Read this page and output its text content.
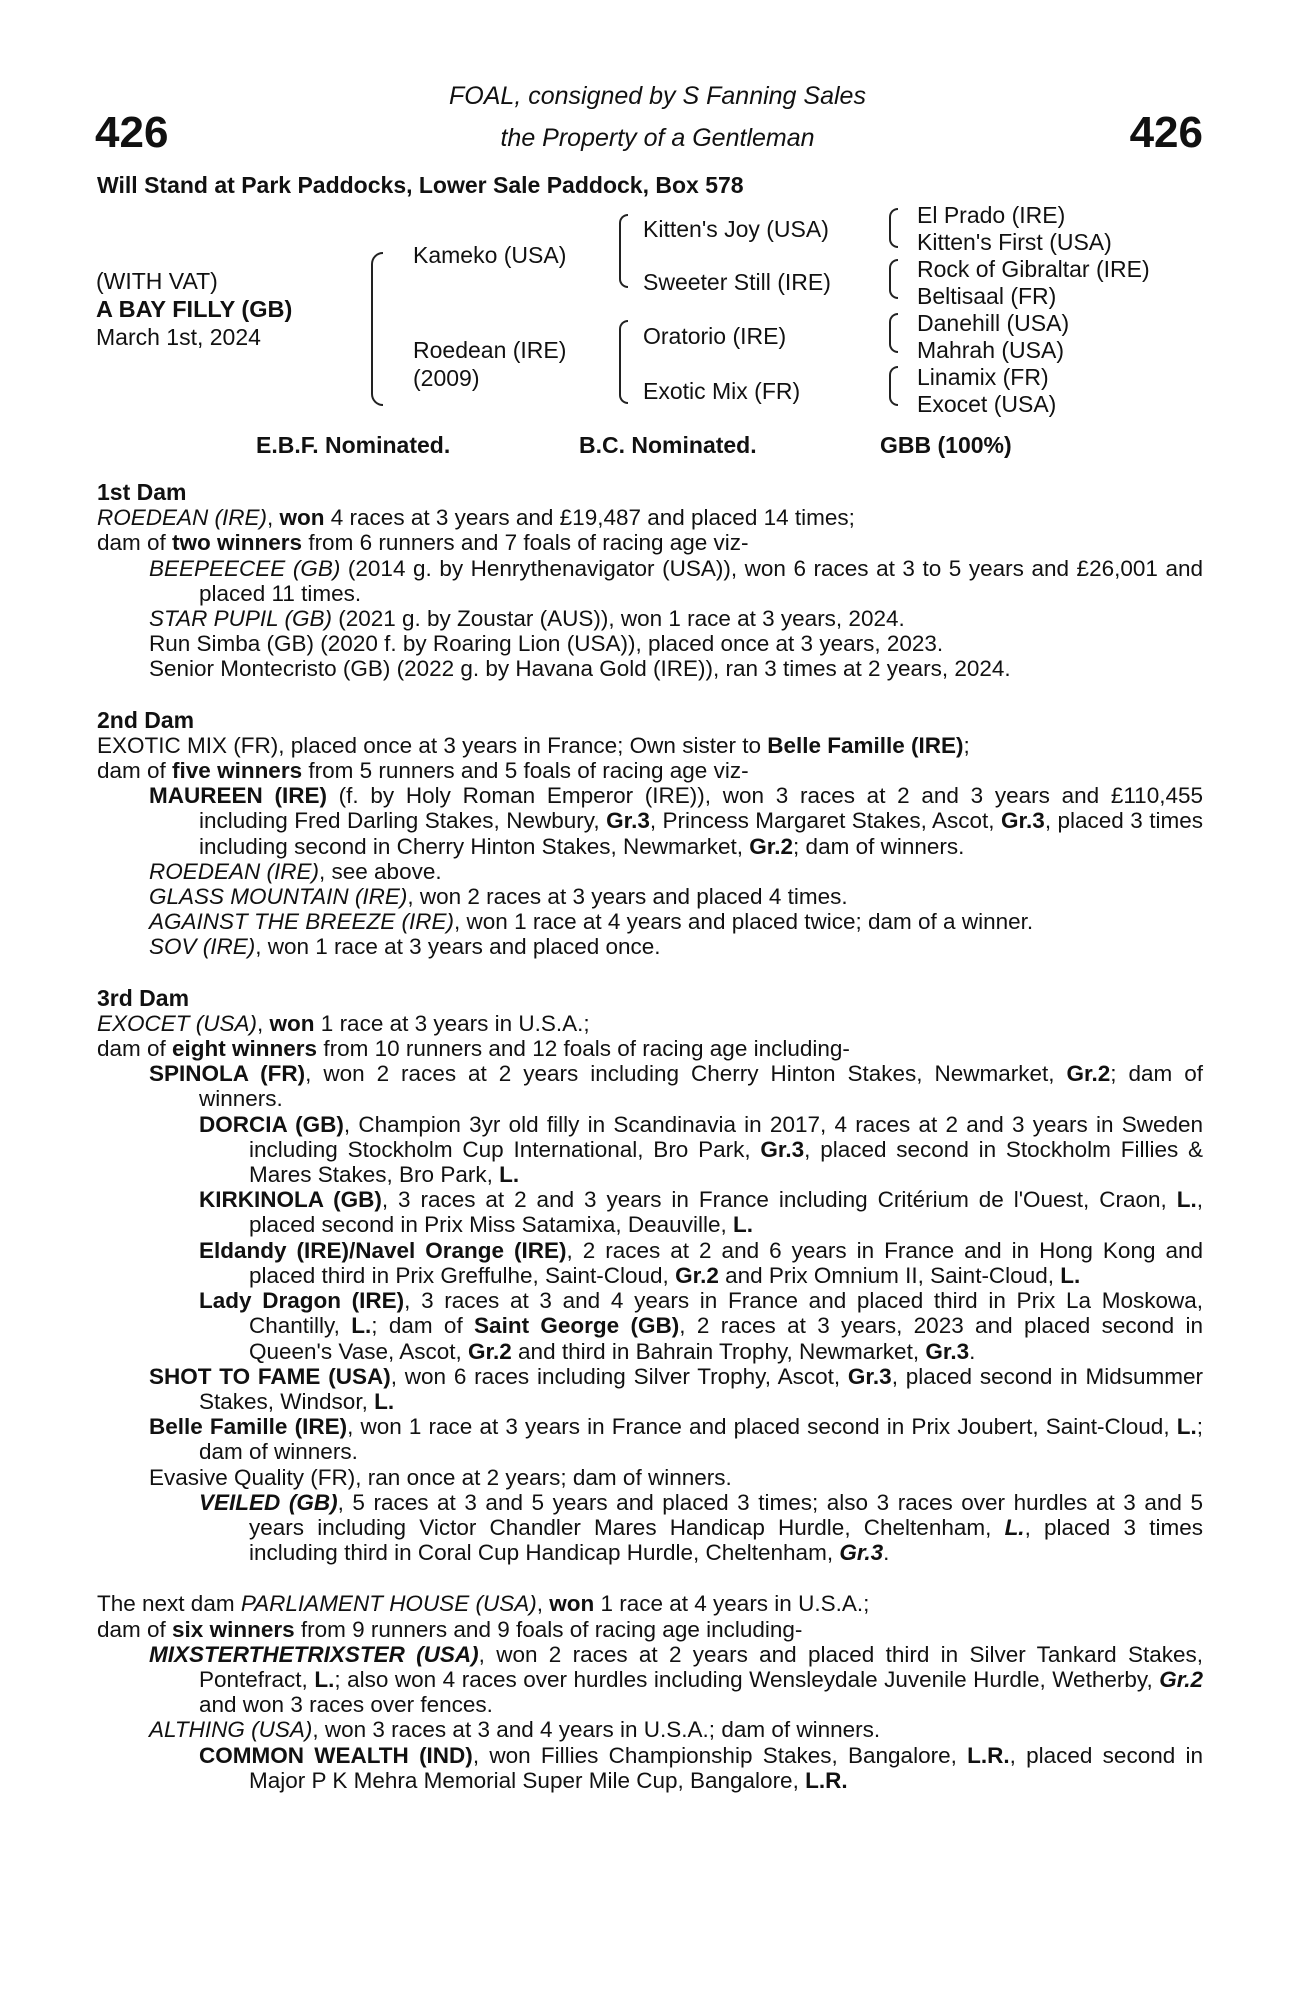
426	426
FOAL, consigned by S Fanning Sales
the Property of a Gentleman
Will Stand at Park Paddocks, Lower Sale Paddock, Box 578
(WITH VAT)
A BAY FILLY (GB)
March 1st, 2024
Kameko (USA)
Roedean (IRE)
(2009)
Kitten's Joy (USA)
Sweeter Still (IRE)
Oratorio (IRE)
Exotic Mix (FR)
El Prado (IRE)
Kitten's First (USA)
Rock of Gibraltar (IRE)
Beltisaal (FR)
Danehill (USA)
Mahrah (USA)
Linamix (FR)
Exocet (USA)
E.B.F. Nominated.	B.C. Nominated.	GBB (100%)

1st Dam

ROEDEAN (IRE), won 4 races at 3 years and £19,487 and placed 14 times;

dam of two winners from 6 runners and 7 foals of racing age viz-

BEEPEECEE (GB) (2014 g. by Henrythenavigator (USA)), won 6 races at 3 to 5 years and £26,001 and placed 11 times.

STAR PUPIL (GB) (2021 g. by Zoustar (AUS)), won 1 race at 3 years, 2024.

Run Simba (GB) (2020 f. by Roaring Lion (USA)), placed once at 3 years, 2023.

Senior Montecristo (GB) (2022 g. by Havana Gold (IRE)), ran 3 times at 2 years, 2024.

2nd Dam

EXOTIC MIX (FR), placed once at 3 years in France; Own sister to Belle Famille (IRE);

dam of five winners from 5 runners and 5 foals of racing age viz-

MAUREEN (IRE) (f. by Holy Roman Emperor (IRE)), won 3 races at 2 and 3 years and £110,455 including Fred Darling Stakes, Newbury, Gr.3, Princess Margaret Stakes, Ascot, Gr.3, placed 3 times including second in Cherry Hinton Stakes, Newmarket, Gr.2; dam of winners.

ROEDEAN (IRE), see above.

GLASS MOUNTAIN (IRE), won 2 races at 3 years and placed 4 times.

AGAINST THE BREEZE (IRE), won 1 race at 4 years and placed twice; dam of a winner.

SOV (IRE), won 1 race at 3 years and placed once.

3rd Dam

EXOCET (USA), won 1 race at 3 years in U.S.A.;

dam of eight winners from 10 runners and 12 foals of racing age including-

SPINOLA (FR), won 2 races at 2 years including Cherry Hinton Stakes, Newmarket, Gr.2; dam of winners.

DORCIA (GB), Champion 3yr old filly in Scandinavia in 2017, 4 races at 2 and 3 years in Sweden including Stockholm Cup International, Bro Park, Gr.3, placed second in Stockholm Fillies & Mares Stakes, Bro Park, L.

KIRKINOLA (GB), 3 races at 2 and 3 years in France including Critérium de l'Ouest, Craon, L., placed second in Prix Miss Satamixa, Deauville, L.

Eldandy (IRE)/Navel Orange (IRE), 2 races at 2 and 6 years in France and in Hong Kong and placed third in Prix Greffulhe, Saint-Cloud, Gr.2 and Prix Omnium II, Saint-Cloud, L.

Lady Dragon (IRE), 3 races at 3 and 4 years in France and placed third in Prix La Moskowa, Chantilly, L.; dam of Saint George (GB), 2 races at 3 years, 2023 and placed second in Queen's Vase, Ascot, Gr.2 and third in Bahrain Trophy, Newmarket, Gr.3.

SHOT TO FAME (USA), won 6 races including Silver Trophy, Ascot, Gr.3, placed second in Midsummer Stakes, Windsor, L.

Belle Famille (IRE), won 1 race at 3 years in France and placed second in Prix Joubert, Saint-Cloud, L.; dam of winners.

Evasive Quality (FR), ran once at 2 years; dam of winners.

VEILED (GB), 5 races at 3 and 5 years and placed 3 times; also 3 races over hurdles at 3 and 5 years including Victor Chandler Mares Handicap Hurdle, Cheltenham, L., placed 3 times including third in Coral Cup Handicap Hurdle, Cheltenham, Gr.3.

The next dam PARLIAMENT HOUSE (USA), won 1 race at 4 years in U.S.A.;

dam of six winners from 9 runners and 9 foals of racing age including-

MIXSTERTHETRIXSTER (USA), won 2 races at 2 years and placed third in Silver Tankard Stakes, Pontefract, L.; also won 4 races over hurdles including Wensleydale Juvenile Hurdle, Wetherby, Gr.2 and won 3 races over fences.

ALTHING (USA), won 3 races at 3 and 4 years in U.S.A.; dam of winners.

COMMON WEALTH (IND), won Fillies Championship Stakes, Bangalore, L.R., placed second in Major P K Mehra Memorial Super Mile Cup, Bangalore, L.R.
